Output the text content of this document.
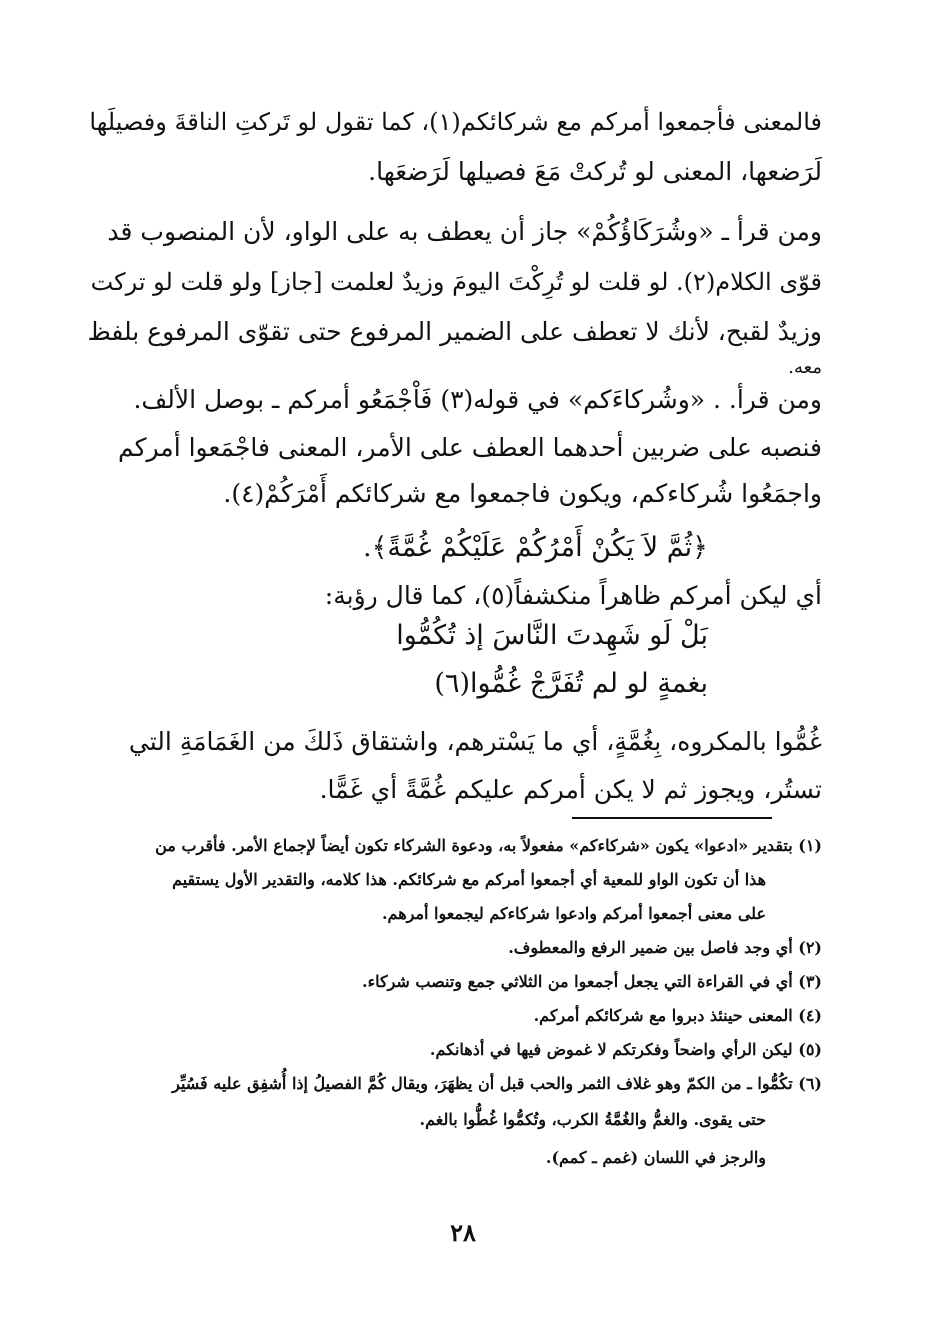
فالمعنى فأجمعوا أمركم مع شركائكم(١)، كما تقول لو تَركتِ الناقةَ وفصيلَها
لَرَضعها، المعنى لو تُركتْ مَعَ فصيلها لَرَضعَها.
ومن قرأ ـ «وشُرَكَاؤُكُمْ» جاز أن يعطف به على الواو، لأن المنصوب قد
قوّى الكلام(٢). لو قلت لو تُرِكْتَ اليومَ وزيدٌ لعلمت [جاز] ولو قلت لو تركت
وزيدٌ لقبح، لأنك لا تعطف على الضمير المرفوع حتى تقوّى المرفوع بلفظ
معه.
ومن قرأ. . «وشُركاءَكم» في قوله(٣) فَاْجْمَعُو أمركم ـ بوصل الألف.
فنصبه على ضربين أحدهما العطف على الأمر، المعنى فاجْمَعوا أمركم
واجمَعُوا شُركاءكم، ويكون فاجمعوا مع شركائكم أَمْرَكُمْ(٤).
﴿ثُمَّ لاَ يَكُنْ أَمْرُكُمْ عَلَيْكُمْ غُمَّةً﴾.
أي ليكن أمركم ظاهراً منكشفاً(٥)، كما قال رؤبة:
بَلْ لَو شَهِدتَ النَّاسَ إذ تُكُمُّوا
بغمةٍ لو لم تُفَرَّجْ غُمُّوا(٦)
غُمُّوا بالمكروه، بِغُمَّةٍ، أي ما يَسْترهم، واشتقاق ذَلكَ من الغَمَامَةِ التي
تستُر، ويجوز ثم لا يكن أمركم عليكم غُمَّةً أي غَمًّا.
(١) بتقدير «ادعوا» يكون «شركاءكم» مفعولاً به، ودعوة الشركاء تكون أيضاً لإجماع الأمر. فأقرب من
هذا أن تكون الواو للمعية أي أجمعوا أمركم مع شركائكم. هذا كلامه، والتقدير الأول يستقيم
على معنى أجمعوا أمركم وادعوا شركاءكم ليجمعوا أمرهم.
(٢) أي وجد فاصل بين ضمير الرفع والمعطوف.
(٣) أي في القراءة التي يجعل أجمعوا من الثلاثي جمع وتنصب شركاء.
(٤) المعنى حينئذ دبروا مع شركائكم أمركم.
(٥) ليكن الرأي واضحاً وفكرتكم لا غموض فيها في أذهانكم.
(٦) تكُمُّوا ـ من الكمّ وهو غلاف الثمر والحب قبل أن يظهَرَ، ويقال كُمَّ الفصيلُ إذا أُشفِق عليه فَسُيِّر
حتى يقوى. والغمُّ والغُمَّةُ الكرب، وتُكمُّوا غُطُّوا بالغم.
والرجز في اللسان (غمم ـ كمم).
٢٨
